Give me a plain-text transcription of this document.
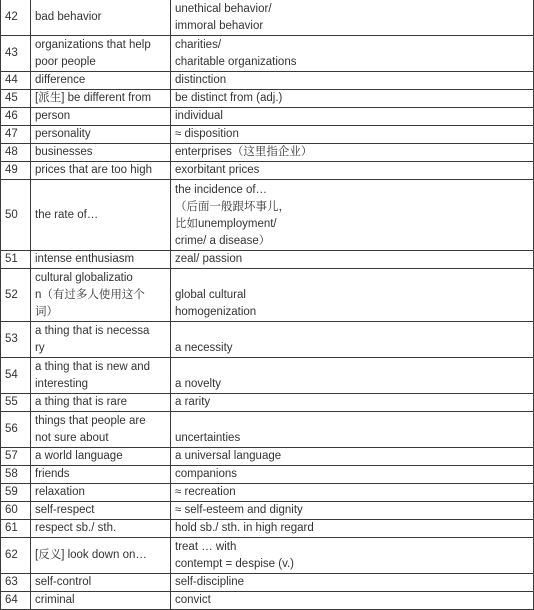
42	bad behavior	unethical behavior/
immoral behavior
43	organizations that help
poor people	charities/
charitable organizations
44	difference	distinction
45	[派生] be different from	be distinct from (adj.)
46	person	individual
47	personality	≈ disposition
48	businesses	enterprises（这里指企业）
49	prices that are too high	exorbitant prices
50	the rate of…	the incidence of…
（后面一般跟坏事儿，
比如unemployment/
crime/ a disease）
51	intense enthusiasm	zeal/ passion
52	cultural globalizatio
n（有过多人使用这个
词）	global cultural
homogenization
53	a thing that is necessa
ry	a necessity
54	a thing that is new and
interesting	a novelty
55	a thing that is rare	a rarity
56	things that people are
not sure about	uncertainties
57	a world language	a universal language
58	friends	companions
59	relaxation	≈ recreation
60	self-respect	≈ self-esteem and dignity
61	respect sb./ sth.	hold sb./ sth. in high regard
62	[反义] look down on…	treat … with
contempt = despise (v.)
63	self-control	self-discipline
64	criminal	convict
